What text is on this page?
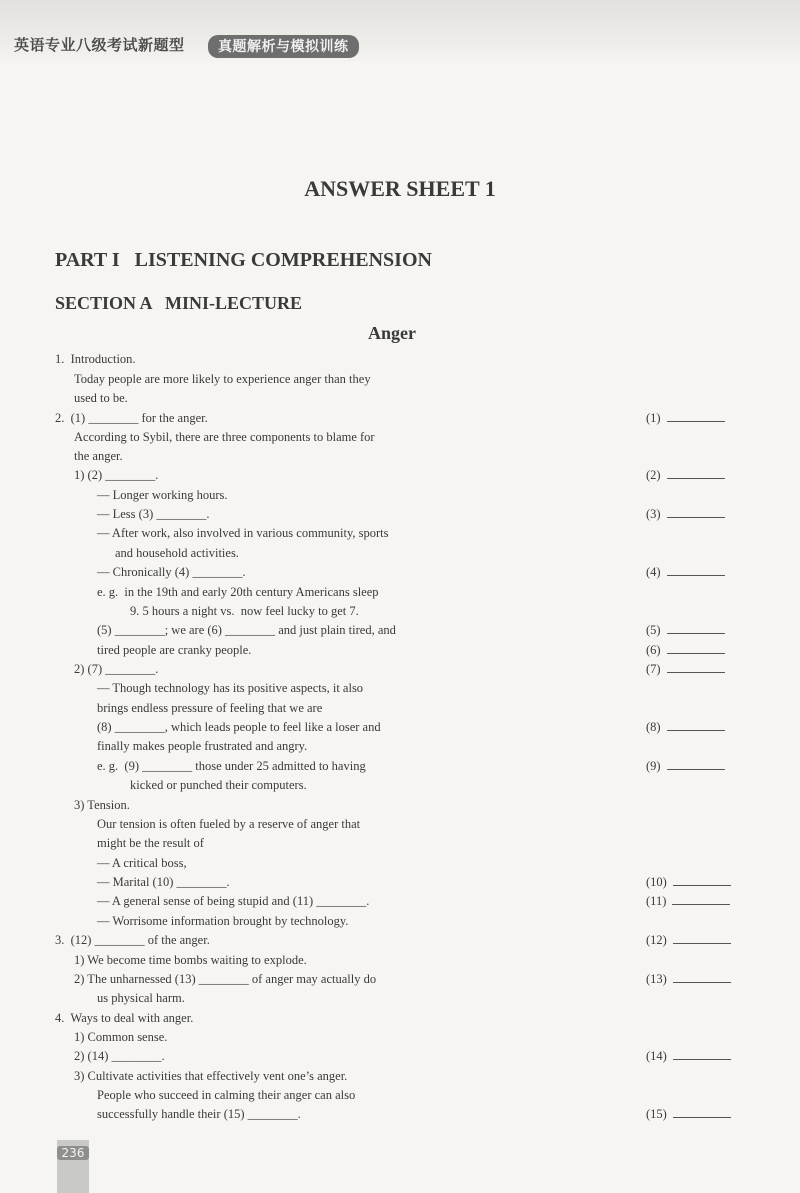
英语专业八级考试新题型	真题解析与模拟训练
ANSWER SHEET 1
PART I   LISTENING COMPREHENSION
SECTION A   MINI-LECTURE
Anger
1.  Introduction.
Today people are more likely to experience anger than they
used to be.
2.  (1) ________ for the anger.
According to Sybil, there are three components to blame for
the anger.
1) (2) ________.
— Longer working hours.
— Less (3) ________.
— After work, also involved in various community, sports
and household activities.
— Chronically (4) ________.
e. g.  in the 19th and early 20th century Americans sleep
9. 5 hours a night vs.  now feel lucky to get 7.
(5) ________; we are (6) ________ and just plain tired, and
tired people are cranky people.
2) (7) ________.
— Though technology has its positive aspects, it also
brings endless pressure of feeling that we are
(8) ________, which leads people to feel like a loser and
finally makes people frustrated and angry.
e. g.  (9) ________ those under 25 admitted to having
kicked or punched their computers.
3) Tension.
Our tension is often fueled by a reserve of anger that
might be the result of
— A critical boss,
— Marital (10) ________.
— A general sense of being stupid and (11) ________.
— Worrisome information brought by technology.
3.  (12) ________ of the anger.
1) We become time bombs waiting to explode.
2) The unharnessed (13) ________ of anger may actually do
us physical harm.
4.  Ways to deal with anger.
1) Common sense.
2) (14) ________.
3) Cultivate activities that effectively vent one’s anger.
People who succeed in calming their anger can also
successfully handle their (15) ________.
(1)
(2)
(3)
(4)
(5)
(6)
(7)
(8)
(9)
(10)
(11)
(12)
(13)
(14)
(15)
236
